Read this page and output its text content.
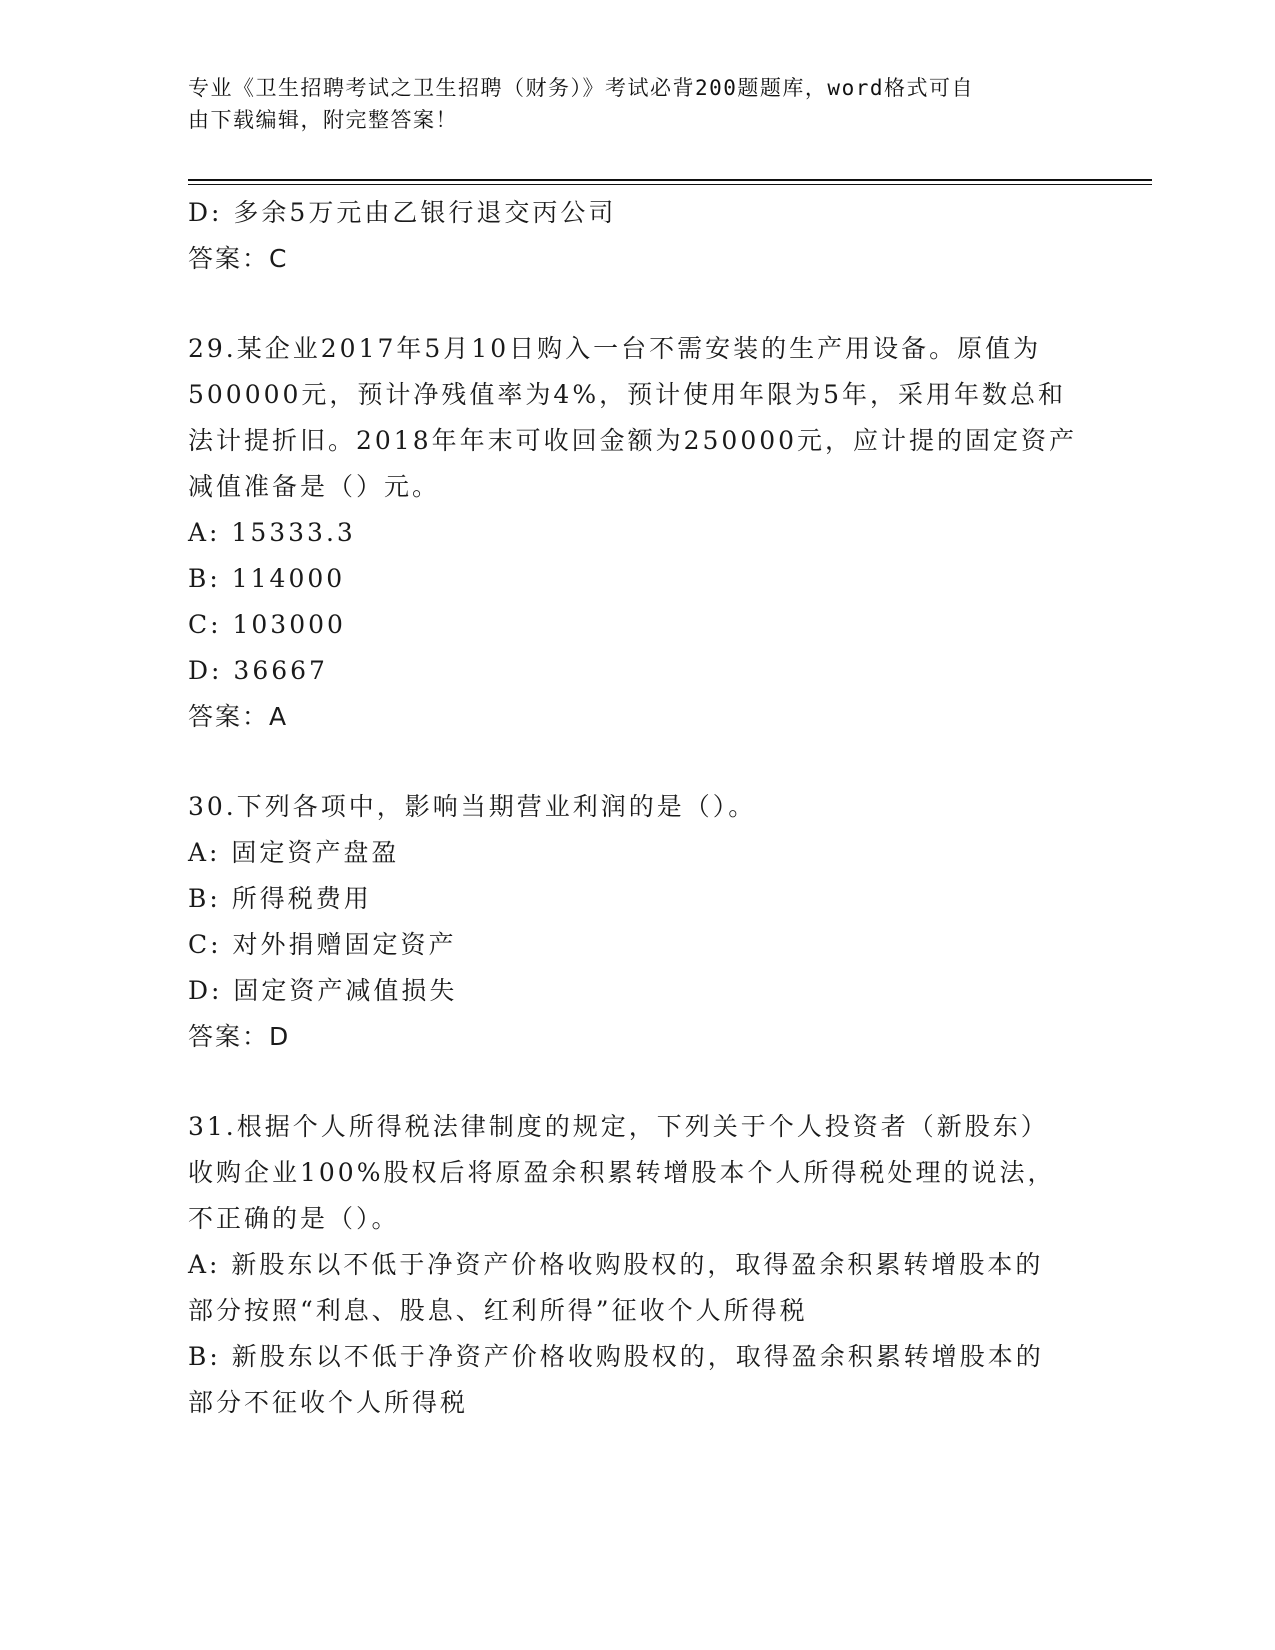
专业《卫生招聘考试之卫生招聘（财务）》考试必背200题题库，word格式可自
由下载编辑，附完整答案！
D: 多余5万元由乙银行退交丙公司
答案：C
29.某企业2017年5月10日购入一台不需安装的生产用设备。原值为
500000元，预计净残值率为4%，预计使用年限为5年，采用年数总和
法计提折旧。2018年年末可收回金额为250000元，应计提的固定资产
减值准备是（）元。
A: 15333.3
B: 114000
C: 103000
D: 36667
答案：A
30.下列各项中，影响当期营业利润的是（）。
A: 固定资产盘盈
B: 所得税费用
C: 对外捐赠固定资产
D: 固定资产减值损失
答案：D
31.根据个人所得税法律制度的规定，下列关于个人投资者（新股东）
收购企业100%股权后将原盈余积累转增股本个人所得税处理的说法，
不正确的是（）。
A: 新股东以不低于净资产价格收购股权的，取得盈余积累转增股本的
部分按照“利息、股息、红利所得”征收个人所得税
B: 新股东以不低于净资产价格收购股权的，取得盈余积累转增股本的
部分不征收个人所得税
